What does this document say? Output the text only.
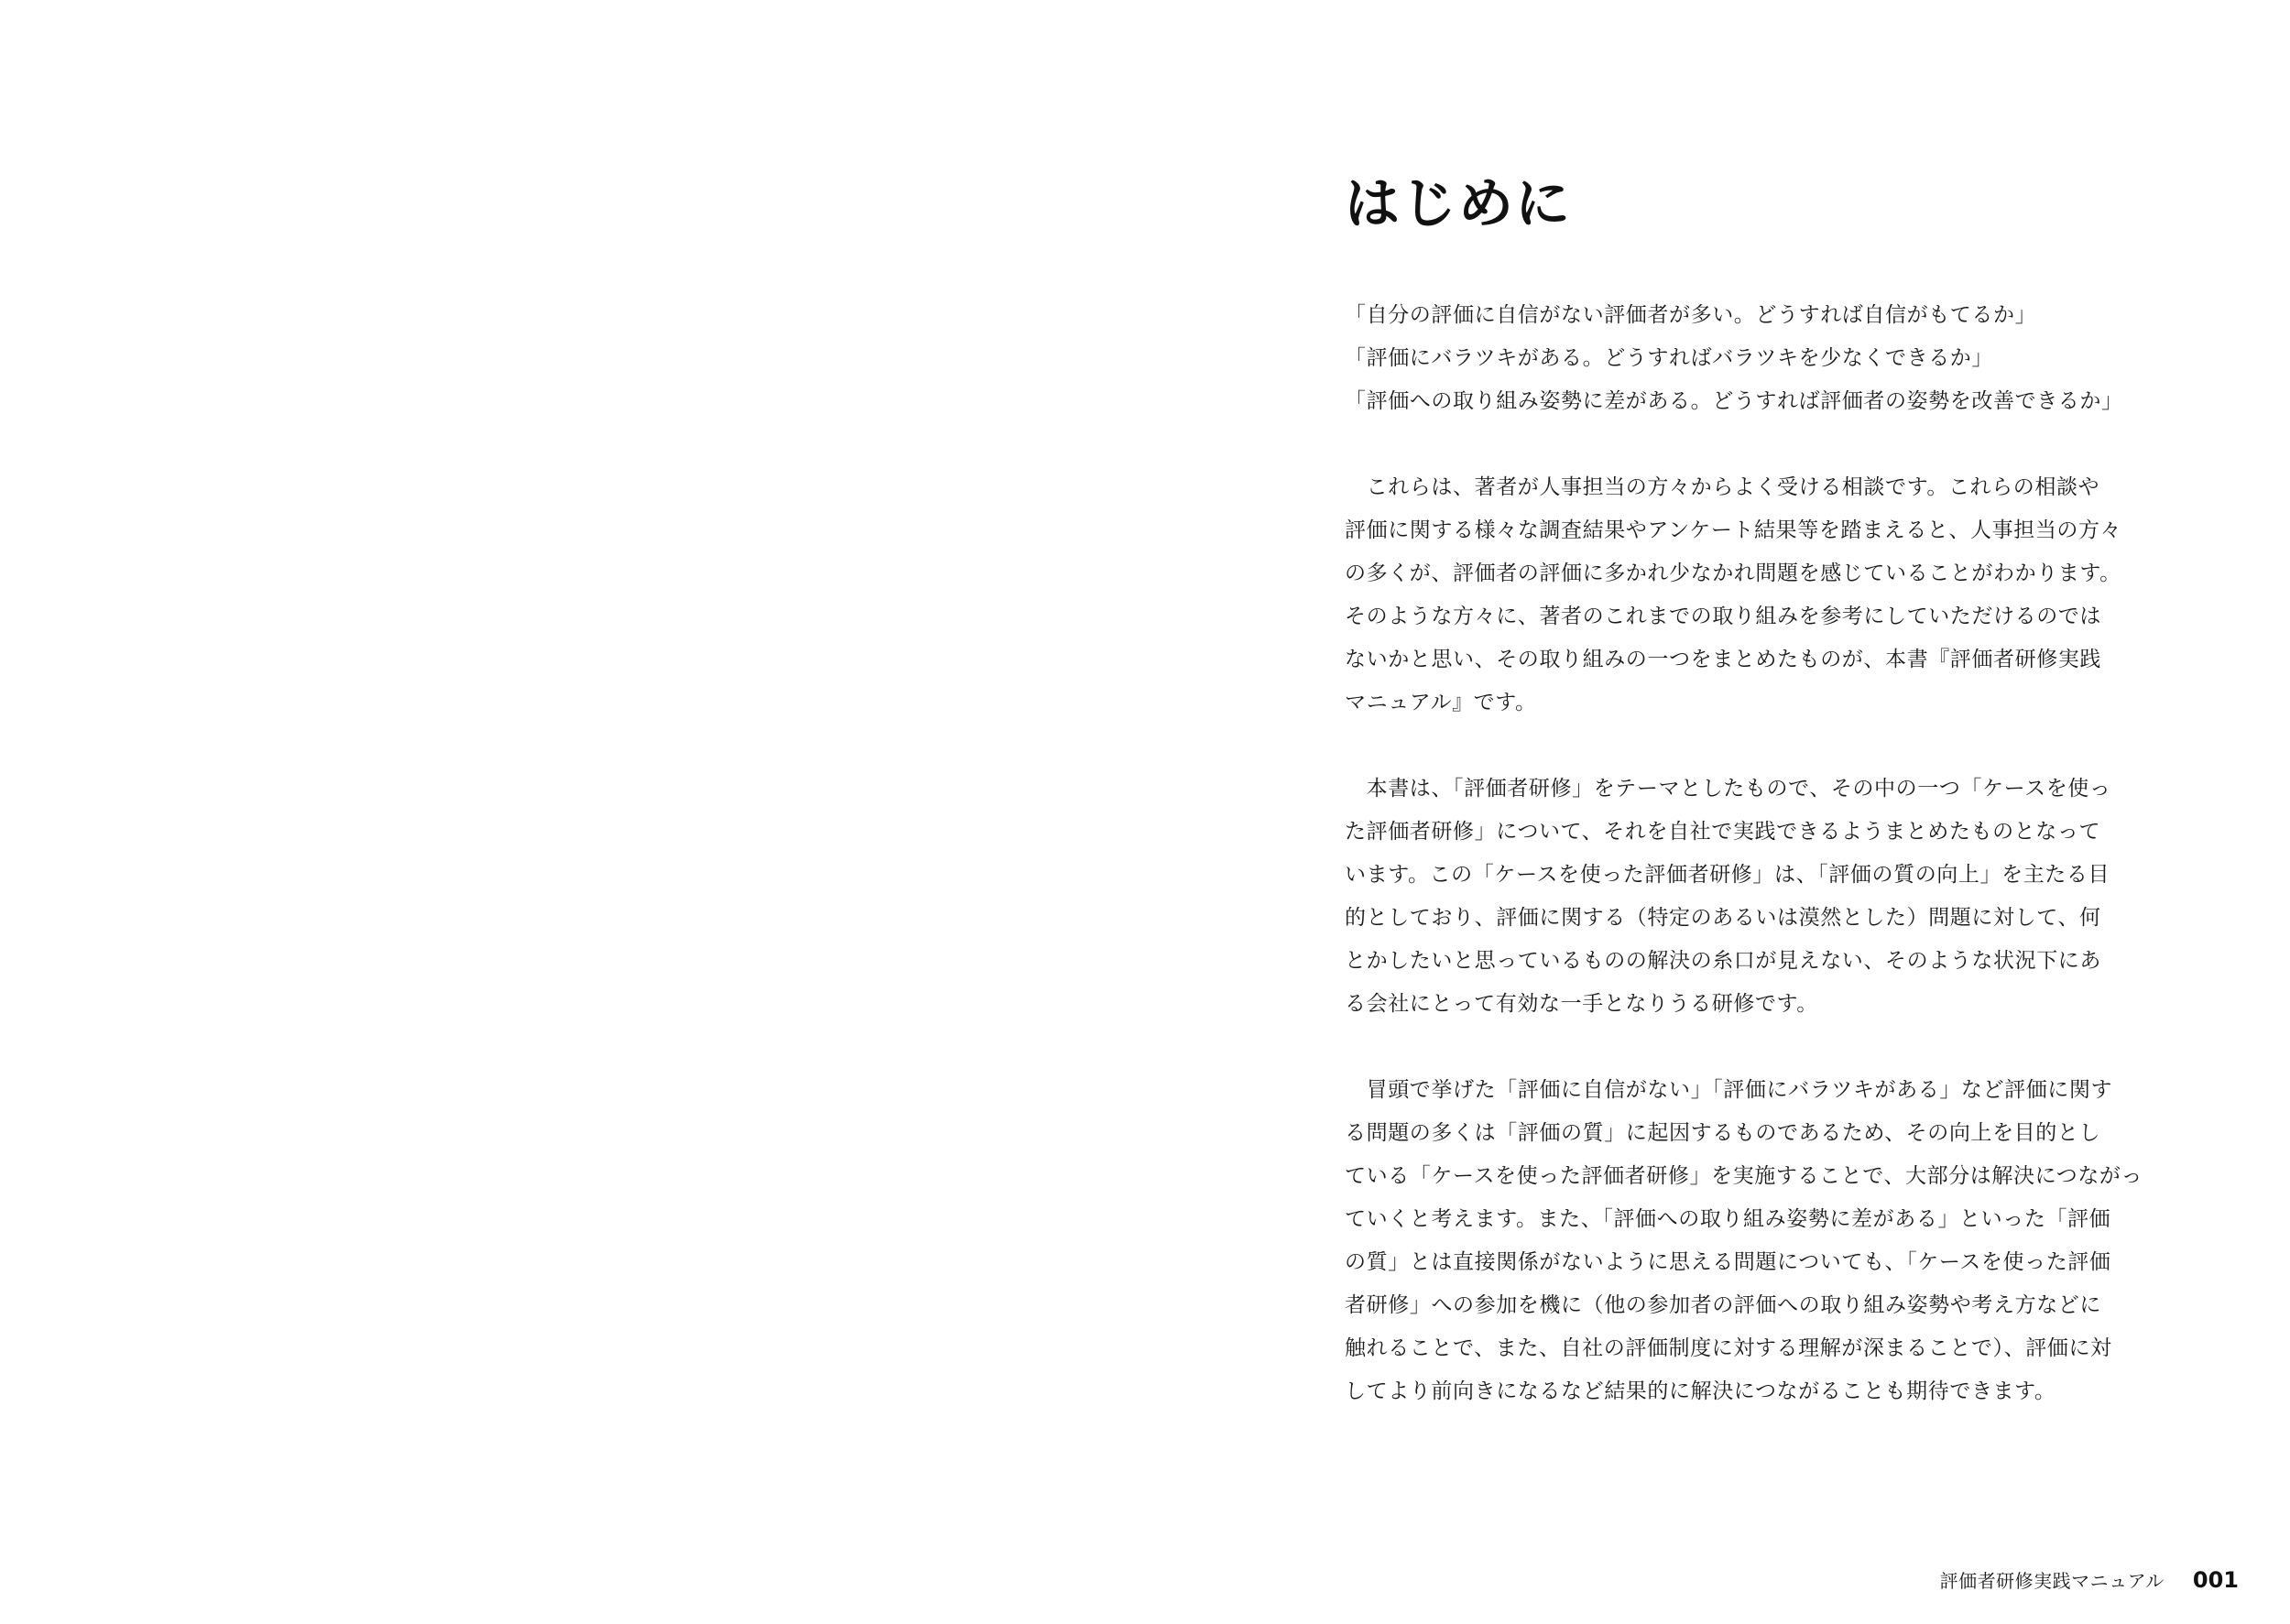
はじめに
「自分の評価に自信がない評価者が多い。どうすれば自信がもてるか」
「評価にバラツキがある。どうすればバラツキを少なくできるか」
「評価への取り組み姿勢に差がある。どうすれば評価者の姿勢を改善できるか」
　これらは、著者が人事担当の方々からよく受ける相談です。これらの相談や
評価に関する様々な調査結果やアンケート結果等を踏まえると、人事担当の方々
の多くが、評価者の評価に多かれ少なかれ問題を感じていることがわかります。
そのような方々に、著者のこれまでの取り組みを参考にしていただけるのでは
ないかと思い、その取り組みの一つをまとめたものが、本書『評価者研修実践
マニュアル』です。
　本書は、「評価者研修」をテーマとしたもので、その中の一つ「ケースを使っ
た評価者研修」について、それを自社で実践できるようまとめたものとなって
います。この「ケースを使った評価者研修」は、「評価の質の向上」を主たる目
的としており、評価に関する（特定のあるいは漠然とした）問題に対して、何
とかしたいと思っているものの解決の糸口が見えない、そのような状況下にあ
る会社にとって有効な一手となりうる研修です。
　冒頭で挙げた「評価に自信がない」「評価にバラツキがある」など評価に関す
る問題の多くは「評価の質」に起因するものであるため、その向上を目的とし
ている「ケースを使った評価者研修」を実施することで、大部分は解決につながっ
ていくと考えます。また、「評価への取り組み姿勢に差がある」といった「評価
の質」とは直接関係がないように思える問題についても、「ケースを使った評価
者研修」への参加を機に（他の参加者の評価への取り組み姿勢や考え方などに
触れることで、また、自社の評価制度に対する理解が深まることで）、評価に対
してより前向きになるなど結果的に解決につながることも期待できます。
評価者研修実践マニュアル 001
